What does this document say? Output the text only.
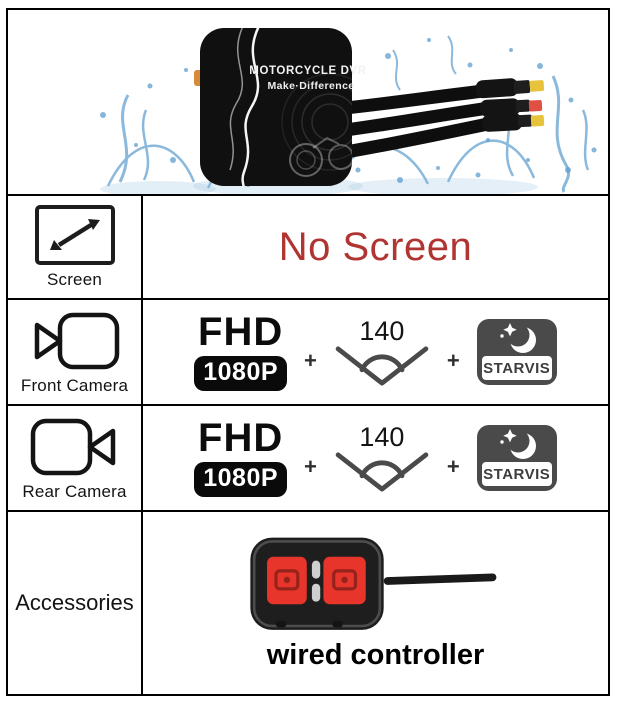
MOTORCYCLE DVR
Make·Difference
Screen
No Screen
Front Camera
FHD
1080P	+
140
+ STARVIS
Rear Camera
FHD
1080P	+
140
+ STARVIS
Accessories
wired controller
